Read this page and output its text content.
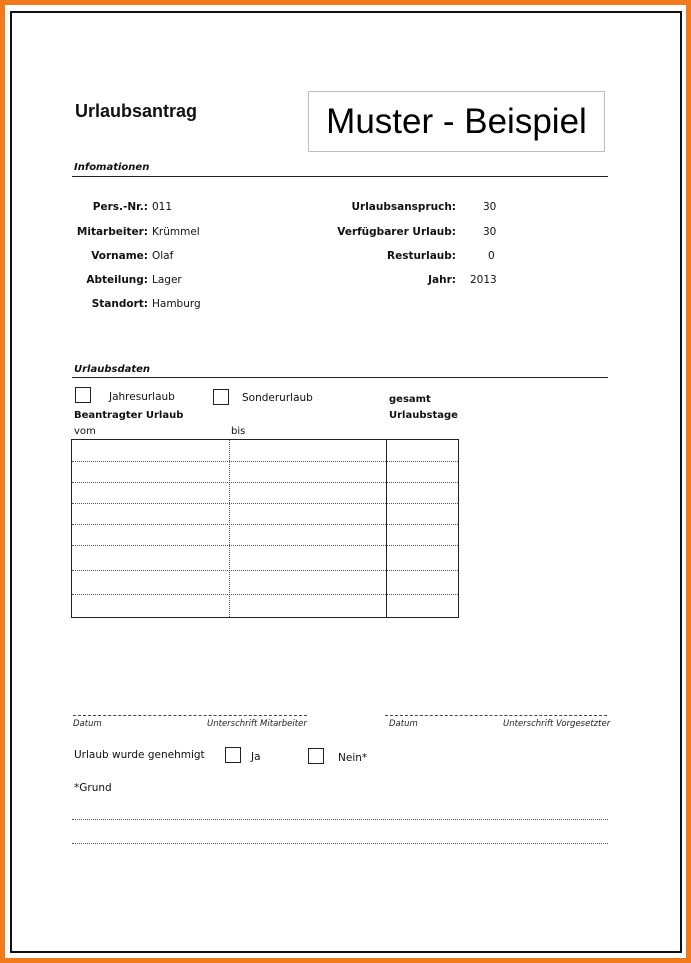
Urlaubsantrag	Muster - Beispiel
Infomationen
Pers.-Nr.: 011
Mitarbeiter: Krümmel
Vorname: Olaf
Abteilung: Lager
Standort: Hamburg
Urlaubsanspruch:	30
Verfügbarer Urlaub:	30
Resturlaub:	0
Jahr: 2013
Urlaubsdaten
Jahresurlaub	Sonderurlaub	gesamt
Urlaubstage
Beantragter Urlaub
vom	bis
Datum	Unterschrift Mitarbeiter	Datum	Unterschrift Vorgesetzter
Urlaub wurde genehmigt	Ja	Nein*
*Grund
